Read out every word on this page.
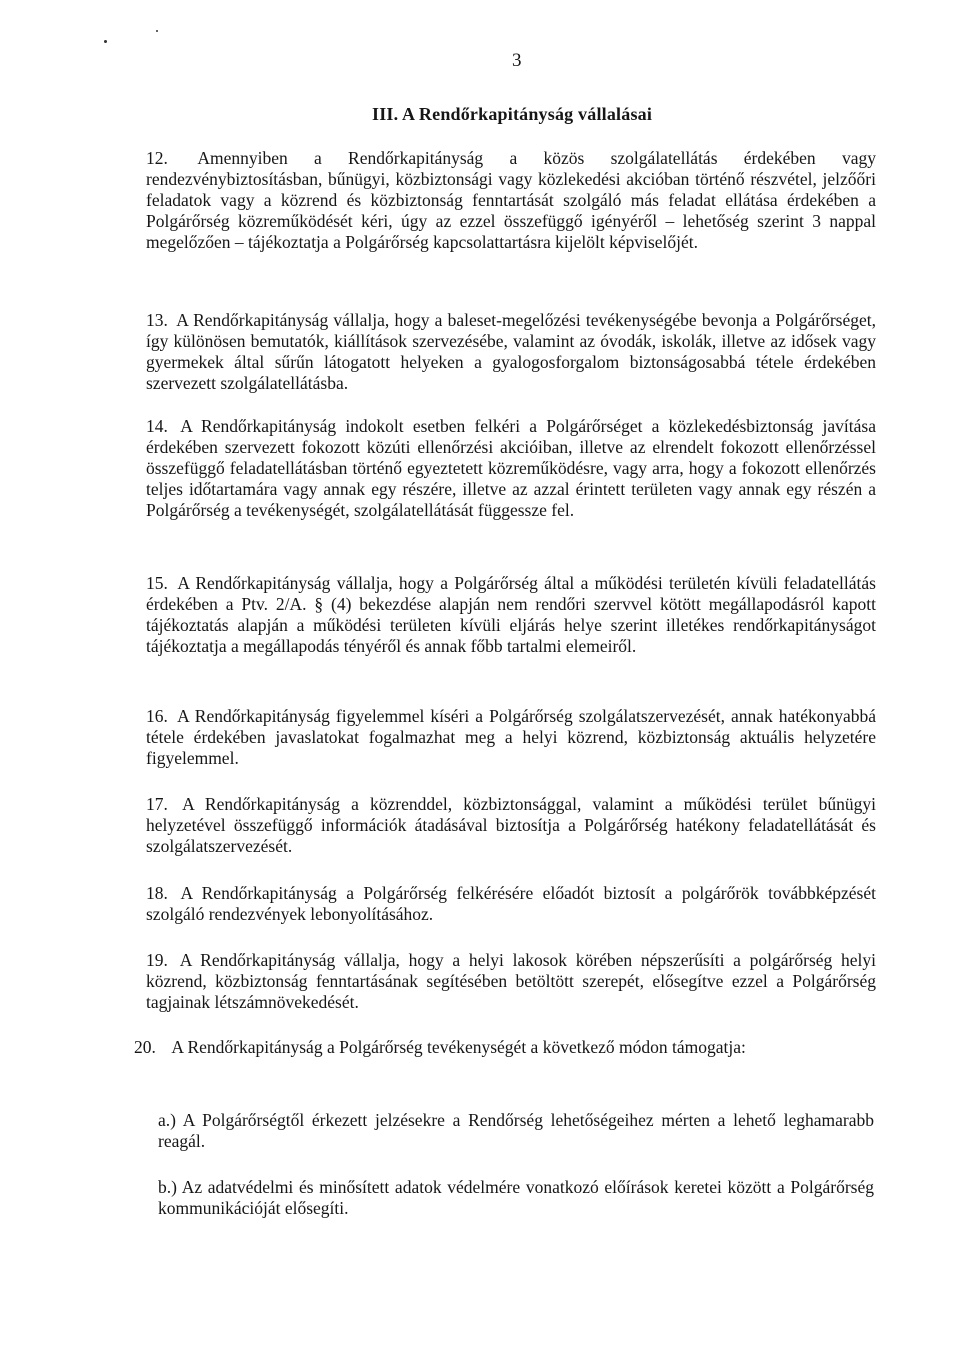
3
III. A Rendőrkapitányság vállalásai
12. Amennyiben a Rendőrkapitányság a közös szolgálatellátás érdekében vagy rendezvénybiztosításban, bűnügyi, közbiztonsági vagy közlekedési akcióban történő részvétel, jelzőőri feladatok vagy a közrend és közbiztonság fenntartását szolgáló más feladat ellátása érdekében a Polgárőrség közreműködését kéri, úgy az ezzel összefüggő igényéről – lehetőség szerint 3 nappal megelőzően – tájékoztatja a Polgárőrség kapcsolattartásra kijelölt képviselőjét.
13. A Rendőrkapitányság vállalja, hogy a baleset-megelőzési tevékenységébe bevonja a Polgárőrséget, így különösen bemutatók, kiállítások szervezésébe, valamint az óvodák, iskolák, illetve az idősek vagy gyermekek által sűrűn látogatott helyeken a gyalogosforgalom biztonságosabbá tétele érdekében szervezett szolgálatellátásba.
14. A Rendőrkapitányság indokolt esetben felkéri a Polgárőrséget a közlekedésbiztonság javítása érdekében szervezett fokozott közúti ellenőrzési akcióiban, illetve az elrendelt fokozott ellenőrzéssel összefüggő feladatellátásban történő egyeztetett közreműködésre, vagy arra, hogy a fokozott ellenőrzés teljes időtartamára vagy annak egy részére, illetve az azzal érintett területen vagy annak egy részén a Polgárőrség a tevékenységét, szolgálatellátását függessze fel.
15. A Rendőrkapitányság vállalja, hogy a Polgárőrség által a működési területén kívüli feladatellátás érdekében a Ptv. 2/A. § (4) bekezdése alapján nem rendőri szervvel kötött megállapodásról kapott tájékoztatás alapján a működési területen kívüli eljárás helye szerint illetékes rendőrkapitányságot tájékoztatja a megállapodás tényéről és annak főbb tartalmi elemeiről.
16. A Rendőrkapitányság figyelemmel kíséri a Polgárőrség szolgálatszervezését, annak hatékonyabbá tétele érdekében javaslatokat fogalmazhat meg a helyi közrend, közbiztonság aktuális helyzetére figyelemmel.
17. A Rendőrkapitányság a közrenddel, közbiztonsággal, valamint a működési terület bűnügyi helyzetével összefüggő információk átadásával biztosítja a Polgárőrség hatékony feladatellátását és szolgálatszervezését.
18. A Rendőrkapitányság a Polgárőrség felkérésére előadót biztosít a polgárőrök továbbképzését szolgáló rendezvények lebonyolításához.
19. A Rendőrkapitányság vállalja, hogy a helyi lakosok körében népszerűsíti a polgárőrség helyi közrend, közbiztonság fenntartásának segítésében betöltött szerepét, elősegítve ezzel a Polgárőrség tagjainak létszámnövekedését.
20. A Rendőrkapitányság a Polgárőrség tevékenységét a következő módon támogatja:
a.) A Polgárőrségtől érkezett jelzésekre a Rendőrség lehetőségeihez mérten a lehető leghamarabb reagál.
b.) Az adatvédelmi és minősített adatok védelmére vonatkozó előírások keretei között a Polgárőrség kommunikációját elősegíti.
